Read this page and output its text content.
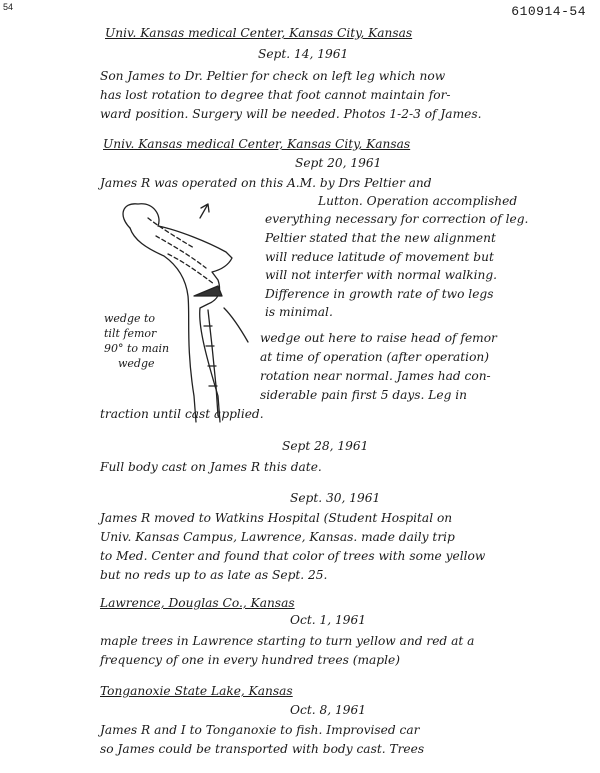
54	610914-54
Univ. Kansas medical Center, Kansas City, Kansas
Sept. 14, 1961
Son James to Dr. Peltier for check on left leg which now
has lost rotation to degree that foot cannot maintain for-
ward position. Surgery will be needed. Photos 1-2-3 of James.
Univ. Kansas medical Center, Kansas City, Kansas
Sept 20, 1961
James R was operated on this A.M. by Drs Peltier and
Lutton. Operation accomplished
everything necessary for correction of leg.
Peltier stated that the new alignment
will reduce latitude of movement but
will not interfer with normal walking.
Difference in growth rate of two legs
is minimal.
wedge out here to raise head of femor
at time of operation (after operation)
rotation near normal. James had con-
siderable pain first 5 days. Leg in
traction until cast applied.
wedge to
tilt femor
90° to main
wedge
Sept 28, 1961
Full body cast on James R this date.
Sept. 30, 1961
James R moved to Watkins Hospital (Student Hospital on
Univ. Kansas Campus, Lawrence, Kansas. made daily trip
to Med. Center and found that color of trees with some yellow
but no reds up to as late as Sept. 25.
Lawrence, Douglas Co., Kansas
Oct. 1, 1961
maple trees in Lawrence starting to turn yellow and red at a
frequency of one in every hundred trees (maple)
Tonganoxie State Lake, Kansas
Oct. 8, 1961
James R and I to Tonganoxie to fish. Improvised car
so James could be transported with body cast. Trees
